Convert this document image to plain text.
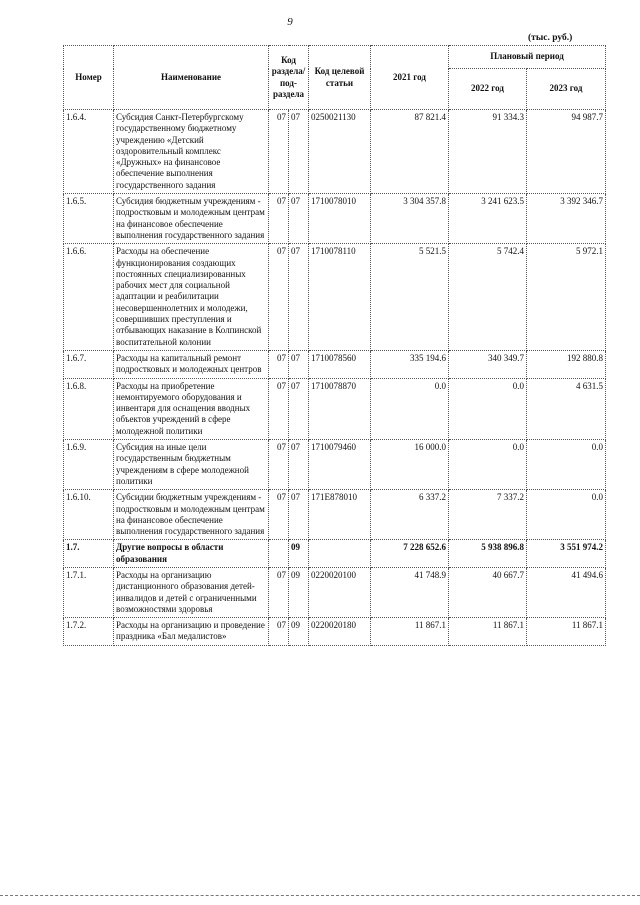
9
(тыс. руб.)
Номер	Наименование	Код раздела/ под- раздела		Код целевой статьи	2021 год	Плановый период	
						2022 год	2023 год
1.6.4.	Субсидия Санкт-Петербургскому государственному бюджетному учреждению «Детский оздоровительный комплекс «Дружных» на финансовое обеспечение выполнения государственного задания	07	07	0250021130	87 821.4	91 334.3	94 987.7
1.6.5.	Субсидия бюджетным учреждениям - подростковым и молодежным центрам на финансовое обеспечение выполнения государственного задания	07	07	1710078010	3 304 357.8	3 241 623.5	3 392 346.7
1.6.6.	Расходы на обеспечение функционирования создающих постоянных специализированных рабочих мест для социальной адаптации и реабилитации несовершеннолетних и молодежи, совершивших преступления и отбывающих наказание в Колпинской воспитательной колонии	07	07	1710078110	5 521.5	5 742.4	5 972.1
1.6.7.	Расходы на капитальный ремонт подростковых и молодежных центров	07	07	1710078560	335 194.6	340 349.7	192 880.8
1.6.8.	Расходы на приобретение немонтируемого оборудования и инвентаря для оснащения вводных объектов учреждений в сфере молодежной политики	07	07	1710078870	0.0	0.0	4 631.5
1.6.9.	Субсидия на иные цели государственным бюджетным учреждениям в сфере молодежной политики	07	07	1710079460	16 000.0	0.0	0.0
1.6.10.	Субсидии бюджетным учреждениям - подростковым и молодежным центрам на финансовое обеспечение выполнения государственного задания	07	07	171E878010	6 337.2	7 337.2	0.0
1.7.	Другие вопросы в области образования		09		7 228 652.6	5 938 896.8	3 551 974.2
1.7.1.	Расходы на организацию дистанционного образования детей-инвалидов и детей с ограниченными возможностями здоровья	07	09	0220020100	41 748.9	40 667.7	41 494.6
1.7.2.	Расходы на организацию и проведение праздника «Бал медалистов»	07	09	0220020180	11 867.1	11 867.1	11 867.1
